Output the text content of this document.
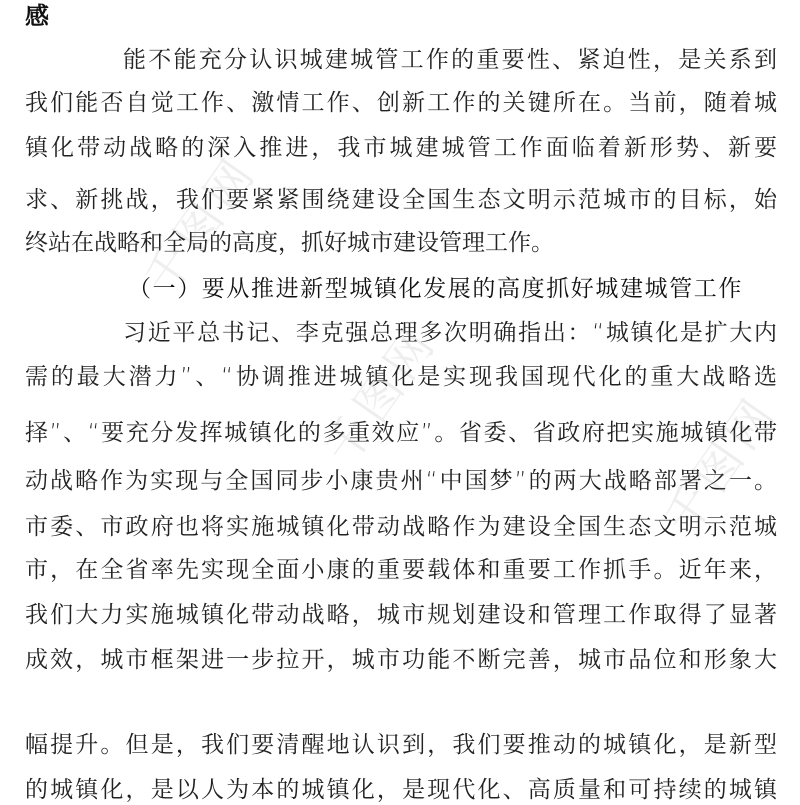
感
能不能充分认识城建城管工作的重要性、紧迫性，是关系到
我们能否自觉工作、激情工作、创新工作的关键所在。当前，随着城
镇化带动战略的深入推进，我市城建城管工作面临着新形势、新要
求、新挑战，我们要紧紧围绕建设全国生态文明示范城市的目标，始
终站在战略和全局的高度，抓好城市建设管理工作。
（一）要从推进新型城镇化发展的高度抓好城建城管工作
习近平总书记、李克强总理多次明确指出：“城镇化是扩大内
需的最大潜力”、“协调推进城镇化是实现我国现代化的重大战略选
择”、“要充分发挥城镇化的多重效应”。省委、省政府把实施城镇化带
动战略作为实现与全国同步小康贵州“中国梦”的两大战略部署之一。
市委、市政府也将实施城镇化带动战略作为建设全国生态文明示范城
市，在全省率先实现全面小康的重要载体和重要工作抓手。近年来，
我们大力实施城镇化带动战略，城市规划建设和管理工作取得了显著
成效，城市框架进一步拉开，城市功能不断完善，城市品位和形象大
幅提升。但是，我们要清醒地认识到，我们要推动的城镇化，是新型
的城镇化，是以人为本的城镇化，是现代化、高质量和可持续的城镇
千图网
千图网	千图网
